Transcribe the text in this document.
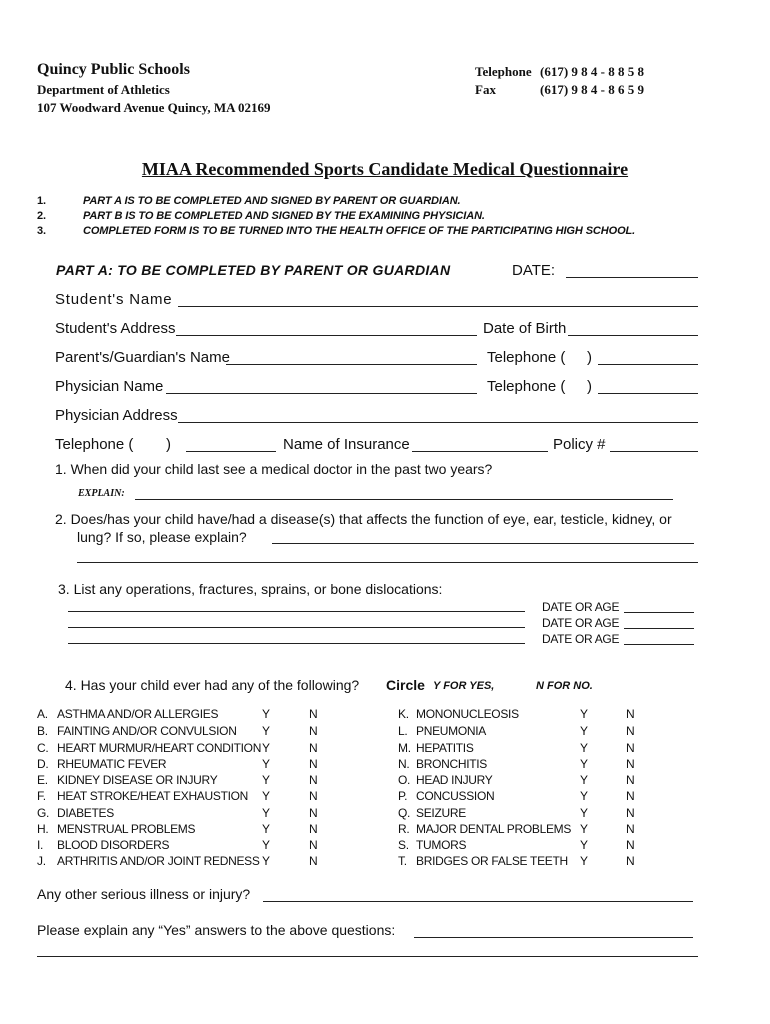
Quincy Public Schools
Department of Athletics
107 Woodward Avenue Quincy, MA 02169
Telephone (617) 9 8 4 - 8 8 5 8
Fax	(617) 9 8 4 - 8 6 5 9
MIAA Recommended Sports Candidate Medical Questionnaire
1.	PART A IS TO BE COMPLETED AND SIGNED BY PARENT OR GUARDIAN.
2.	PART B IS TO BE COMPLETED AND SIGNED BY THE EXAMINING PHYSICIAN.
3.	COMPLETED FORM IS TO BE TURNED INTO THE HEALTH OFFICE OF THE PARTICIPATING HIGH SCHOOL.
PART A: TO BE COMPLETED BY PARENT OR GUARDIAN	DATE:
Student's Name
Student's Address	Date of Birth
Parent's/Guardian's Name	Telephone ( )
Physician Name	Telephone ( )
Physician Address
Telephone ( )	Name of Insurance	Policy #
1. When did your child last see a medical doctor in the past two years?
EXPLAIN:
2. Does/has your child have/had a disease(s) that affects the function of eye, ear, testicle, kidney, or
lung? If so, please explain?
3. List any operations, fractures, sprains, or bone dislocations:
DATE OR AGE
DATE OR AGE
DATE OR AGE
4. Has your child ever had any of the following? Circle Y FOR YES,	N FOR NO.
A. ASTHMA AND/OR ALLERGIES	Y	N
B. FAINTING AND/OR CONVULSION Y	N
C. HEART MURMUR/HEART CONDITION Y	N
D. RHEUMATIC FEVER	Y	N
E. KIDNEY DISEASE OR INJURY	Y	N
F. HEAT STROKE/HEAT EXHAUSTION Y	N
G. DIABETES	Y	N
H. MENSTRUAL PROBLEMS	Y	N
I. BLOOD DISORDERS	Y	N
J. ARTHRITIS AND/OR JOINT REDNESS Y	N
K. MONONUCLEOSIS	Y	N
L. PNEUMONIA	Y	N
M. HEPATITIS	Y	N
N. BRONCHITIS	Y	N
O. HEAD INJURY	Y	N
P. CONCUSSION	Y	N
Q. SEIZURE	Y	N
R. MAJOR DENTAL PROBLEMS Y	N
S. TUMORS	Y	N
T. BRIDGES OR FALSE TEETH Y	N
Any other serious illness or injury?
Please explain any “Yes” answers to the above questions:
